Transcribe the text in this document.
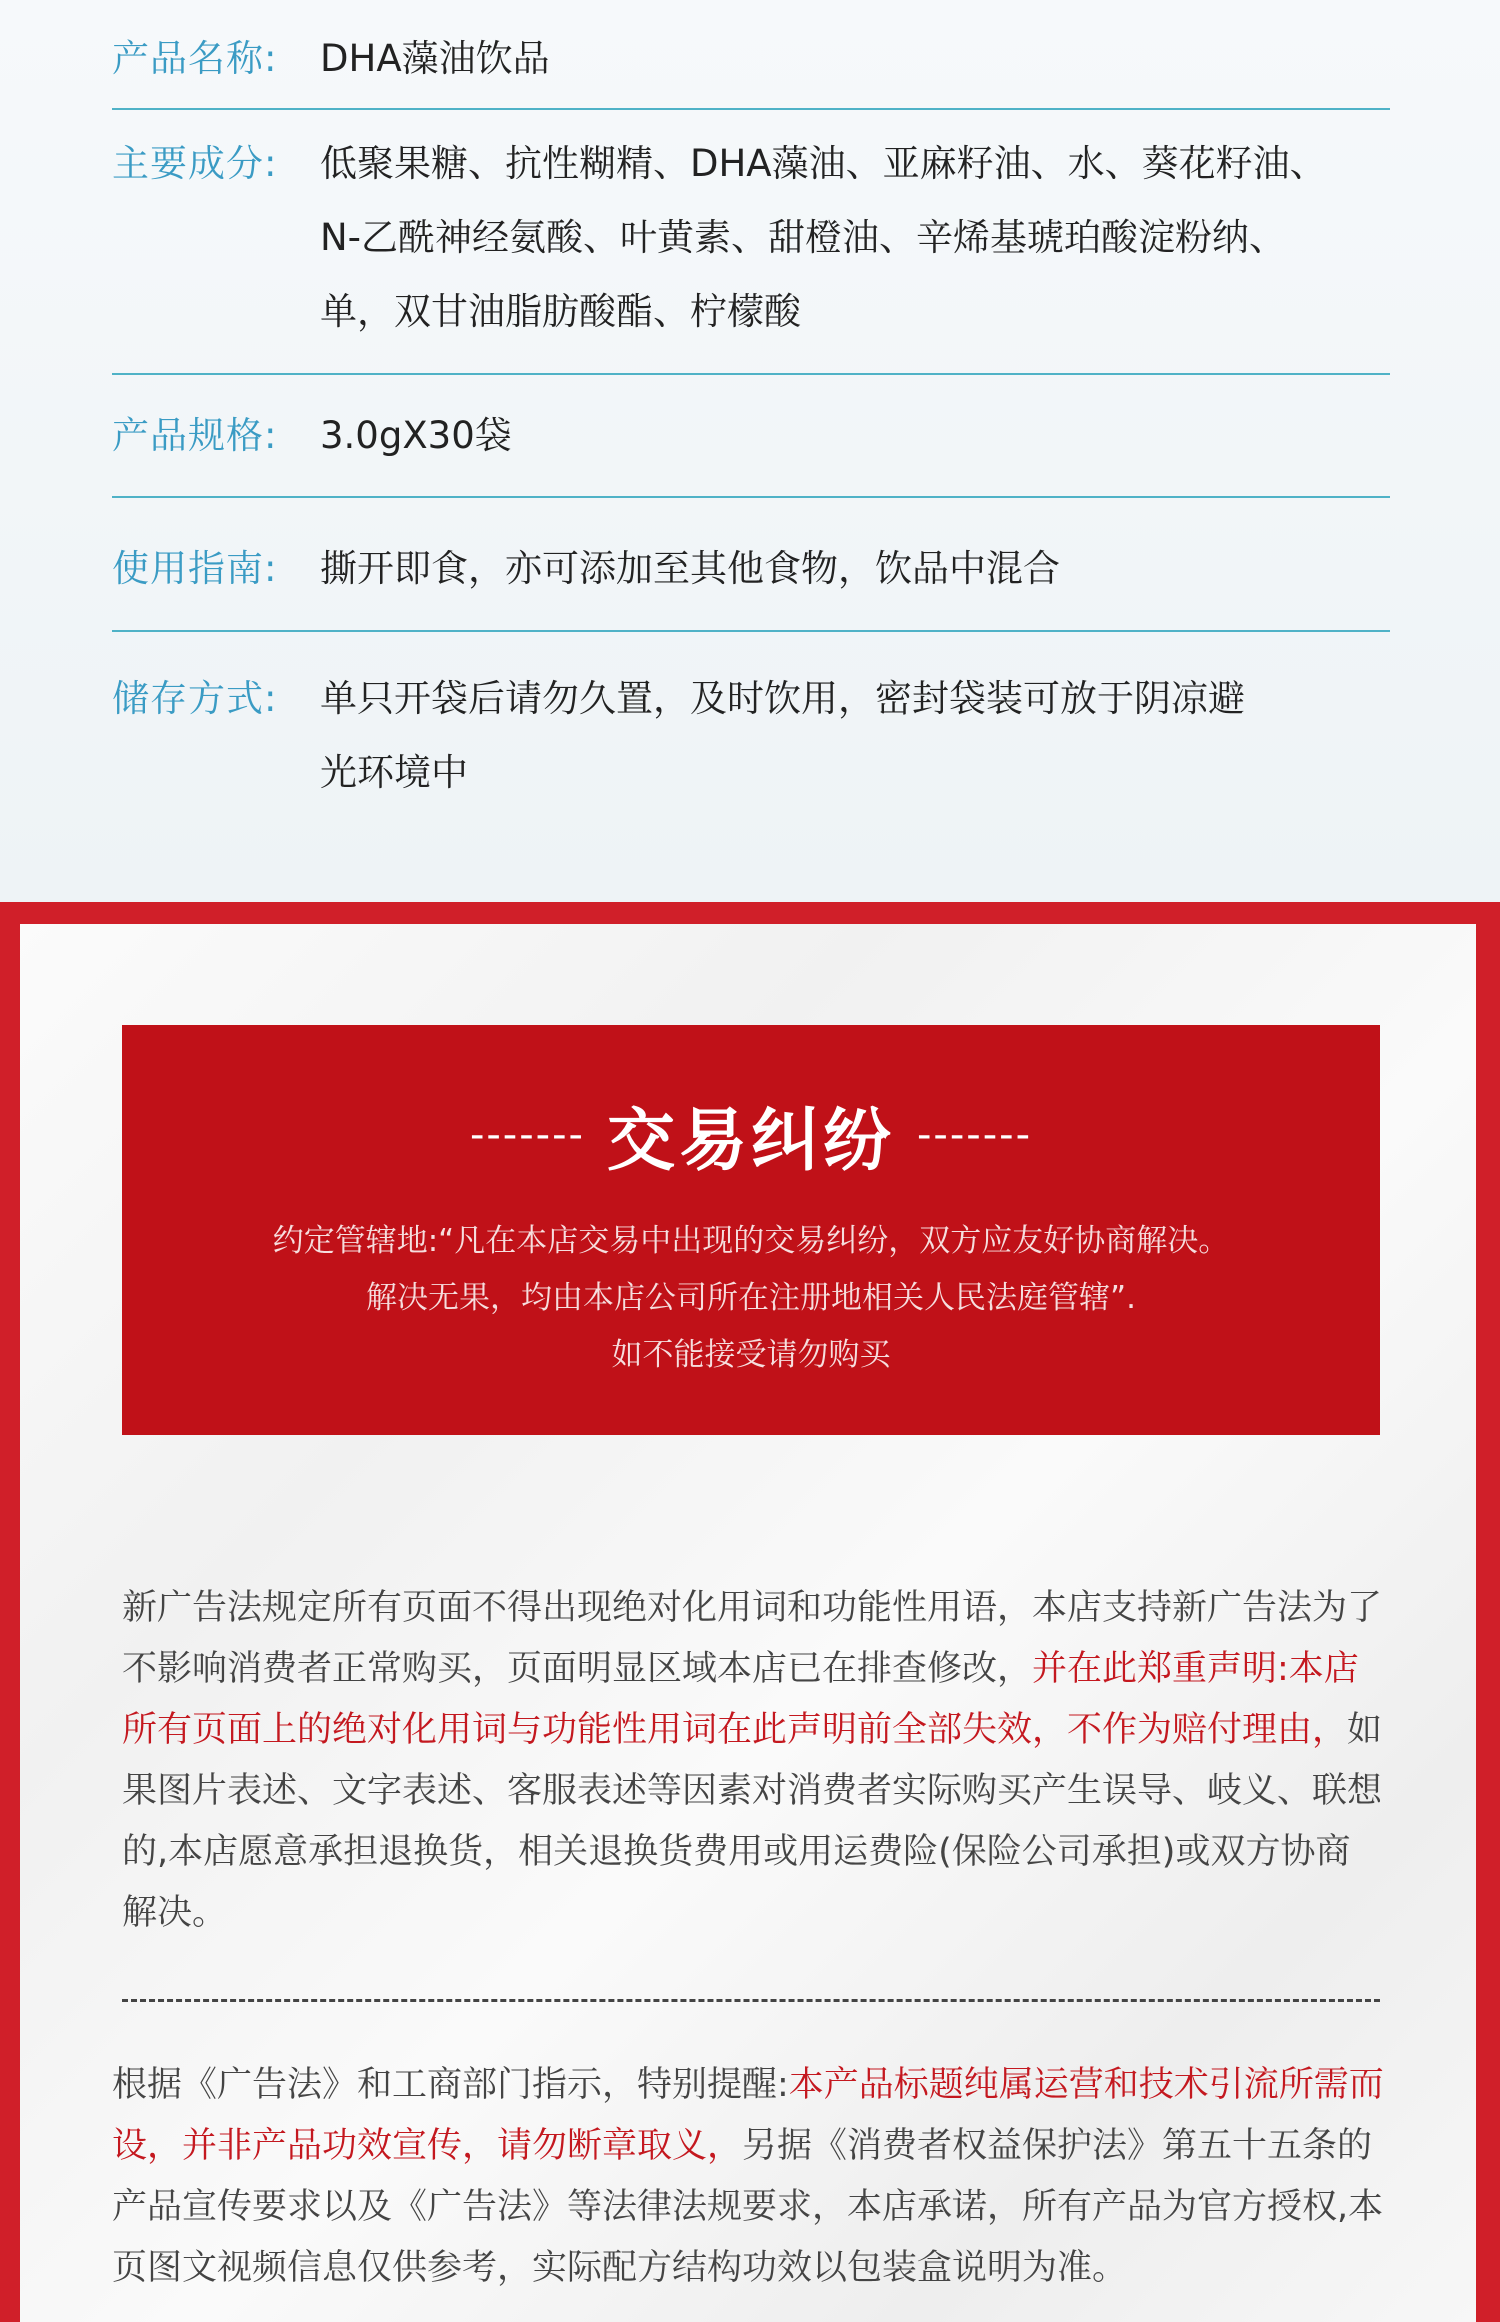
产品名称:	DHA藻油饮品
主要成分:	低聚果糖、抗性糊精、DHA藻油、亚麻籽油、水、葵花籽油、
N-乙酰神经氨酸、叶黄素、甜橙油、辛烯基琥珀酸淀粉纳、
单，双甘油脂肪酸酯、柠檬酸
产品规格:	3.0gX30袋
使用指南:	撕开即食，亦可添加至其他食物，饮品中混合
储存方式:	单只开袋后请勿久置，及时饮用，密封袋装可放于阴凉避
光环境中
------- 交易纠纷 -------
约定管辖地:“凡在本店交易中出现的交易纠纷，双方应友好协商解决。
解决无果，均由本店公司所在注册地相关人民法庭管辖”.
如不能接受请勿购买
新广告法规定所有页面不得出现绝对化用词和功能性用语，本店支持新广告法为了不影响消费者正常购买，页面明显区域本店已在排查修改，并在此郑重声明:本店所有页面上的绝对化用词与功能性用词在此声明前全部失效，不作为赔付理由，如果图片表述、文字表述、客服表述等因素对消费者实际购买产生误导、岐义、联想的,本店愿意承担退换货，相关退换货费用或用运费险(保险公司承担)或双方协商解决。
根据《广告法》和工商部门指示，特别提醒:本产品标题纯属运营和技术引流所需而设，并非产品功效宣传，请勿断章取义，另据《消费者权益保护法》第五十五条的产品宣传要求以及《广告法》等法律法规要求，本店承诺，所有产品为官方授权,本页图文视频信息仅供参考，实际配方结构功效以包装盒说明为准。
